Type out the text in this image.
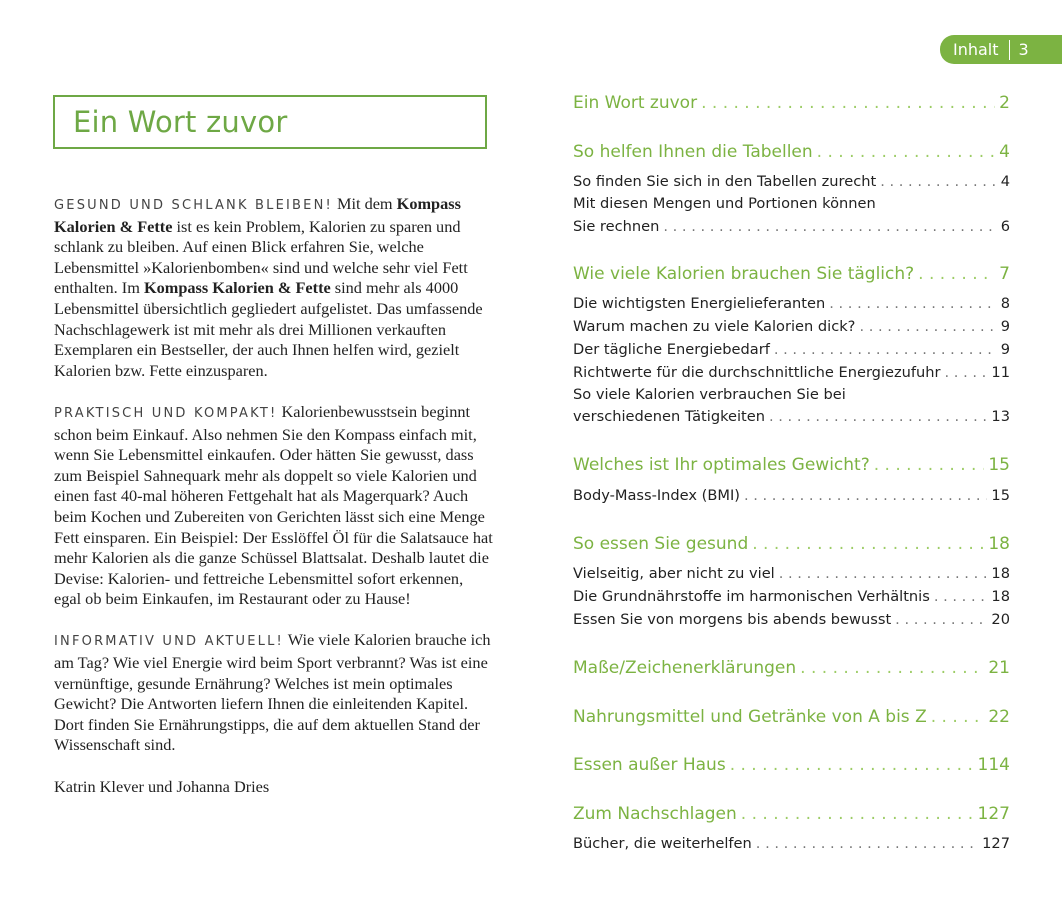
Inhalt 3
Ein Wort zuvor

GESUND UND SCHLANK BLEIBEN! Mit dem Kompass Kalorien & Fette ist es kein Problem, Kalorien zu sparen und schlank zu bleiben. Auf einen Blick erfahren Sie, welche Lebensmittel »Kalorienbomben« sind und welche sehr viel Fett enthalten. Im Kompass Kalorien & Fette sind mehr als 4000 Lebensmittel übersichtlich gegliedert aufgelistet. Das umfassende Nachschlagewerk ist mit mehr als drei Millionen verkauften Exemplaren ein Bestseller, der auch Ihnen helfen wird, gezielt Kalorien bzw. Fette einzusparen.

PRAKTISCH UND KOMPAKT! Kalorienbewusstsein beginnt schon beim Einkauf. Also nehmen Sie den Kompass einfach mit, wenn Sie Lebensmittel einkaufen. Oder hätten Sie gewusst, dass zum Beispiel Sahnequark mehr als doppelt so viele Kalorien und einen fast 40-mal höheren Fettgehalt hat als Magerquark? Auch beim Kochen und Zubereiten von Gerichten lässt sich eine Menge Fett einsparen. Ein Beispiel: Der Esslöffel Öl für die Salatsauce hat mehr Kalorien als die ganze Schüssel Blattsalat. Deshalb lautet die Devise: Kalorien- und fettreiche Lebensmittel sofort erkennen, egal ob beim Einkaufen, im Restaurant oder zu Hause!

INFORMATIV UND AKTUELL! Wie viele Kalorien brauche ich am Tag? Wie viel Energie wird beim Sport verbrannt? Was ist eine vernünftige, gesunde Ernährung? Welches ist mein optimales Gewicht? Die Antworten liefern Ihnen die einleitenden Kapitel. Dort finden Sie Ernährungstipps, die auf dem aktuellen Stand der Wissenschaft sind.

Katrin Klever und Johanna Dries

Ein Wort zuvor . . .	2
So helfen Ihnen die Tabellen . . .	4
So finden Sie sich in den Tabellen zurecht . . .	4
Mit diesen Mengen und Portionen können
Sie rechnen . . .	6
Wie viele Kalorien brauchen Sie täglich? . . .	7
Die wichtigsten Energielieferanten . . .	8
Warum machen zu viele Kalorien dick? . . .	9
Der tägliche Energiebedarf . . .	9
Richtwerte für die durchschnittliche Energiezufuhr . . .	11
So viele Kalorien verbrauchen Sie bei
verschiedenen Tätigkeiten . . .	13
Welches ist Ihr optimales Gewicht? . . .	15
Body-Mass-Index (BMI) . . .	15
So essen Sie gesund . . .	18
Vielseitig, aber nicht zu viel . . .	18
Die Grundnährstoffe im harmonischen Verhältnis . . .	18
Essen Sie von morgens bis abends bewusst . . .	20
Maße/Zeichenerklärungen . . .	21
Nahrungsmittel und Getränke von A bis Z . . .	22
Essen außer Haus . . .	114
Zum Nachschlagen . . .	127
Bücher, die weiterhelfen . . .	127
